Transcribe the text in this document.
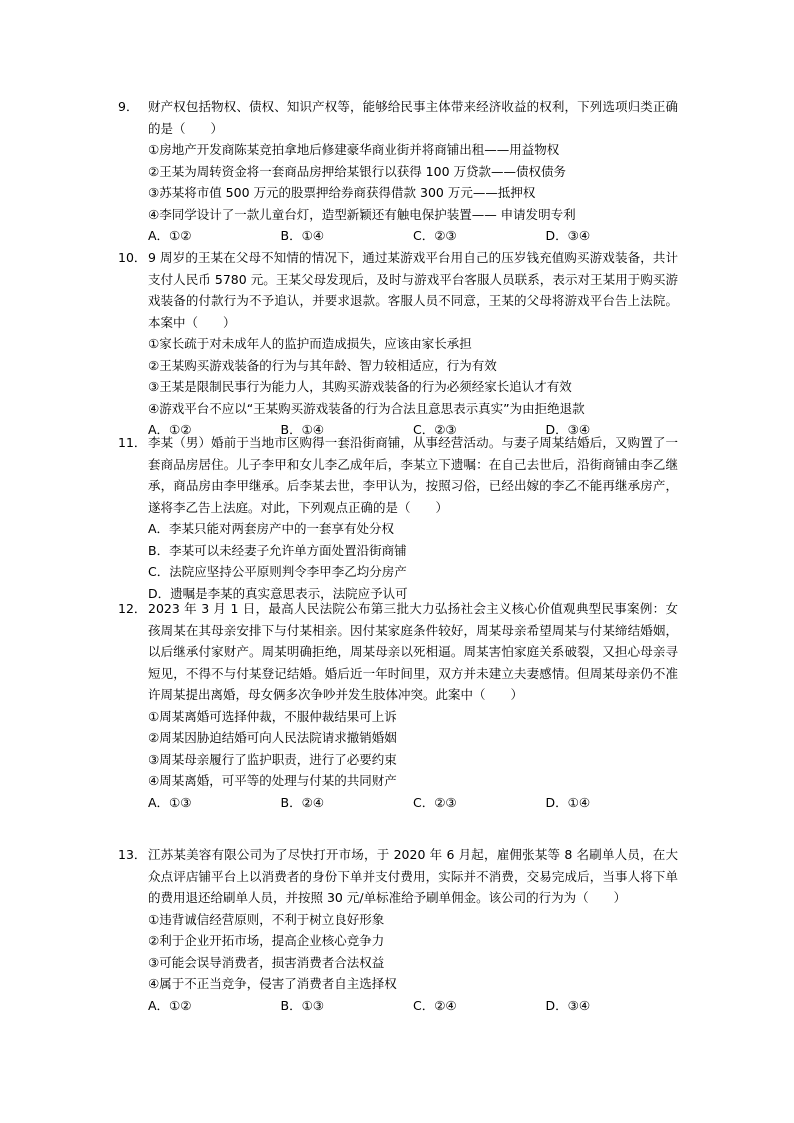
9． 财产权包括物权、债权、知识产权等，能够给民事主体带来经济收益的权利，下列选项归类正确的是（　　）
①房地产开发商陈某竞拍拿地后修建豪华商业街并将商铺出租——用益物权
②王某为周转资金将一套商品房押给某银行以获得 100 万贷款——债权债务
③苏某将市值 500 万元的股票押给券商获得借款 300 万元——抵押权
④李同学设计了一款儿童台灯，造型新颖还有触电保护装置—— 申请发明专利
A．①②	B．①④	C．②③	D．③④
10． 9 周岁的王某在父母不知情的情况下，通过某游戏平台用自己的压岁钱充值购买游戏装备，共计支付人民币 5780 元。王某父母发现后，及时与游戏平台客服人员联系，表示对王某用于购买游戏装备的付款行为不予追认，并要求退款。客服人员不同意，王某的父母将游戏平台告上法院。本案中（　　）
①家长疏于对未成年人的监护而造成损失，应该由家长承担
②王某购买游戏装备的行为与其年龄、智力较相适应，行为有效
③王某是限制民事行为能力人，其购买游戏装备的行为必须经家长追认才有效
④游戏平台不应以“王某购买游戏装备的行为合法且意思表示真实”为由拒绝退款
A．①②	B．①④	C．②③	D．③④
11． 李某（男）婚前于当地市区购得一套沿街商铺，从事经营活动。与妻子周某结婚后，又购置了一套商品房居住。儿子李甲和女儿李乙成年后，李某立下遗嘱：在自己去世后，沿街商铺由李乙继承，商品房由李甲继承。后李某去世，李甲认为，按照习俗，已经出嫁的李乙不能再继承房产，遂将李乙告上法庭。对此，下列观点正确的是（　　）
A．李某只能对两套房产中的一套享有处分权
B．李某可以未经妻子允许单方面处置沿街商铺
C．法院应坚持公平原则判令李甲李乙均分房产
D．遗嘱是李某的真实意思表示，法院应予认可
12． 2023 年 3 月 1 日，最高人民法院公布第三批大力弘扬社会主义核心价值观典型民事案例：女孩周某在其母亲安排下与付某相亲。因付某家庭条件较好，周某母亲希望周某与付某缔结婚姻，以后继承付家财产。周某明确拒绝，周某母亲以死相逼。周某害怕家庭关系破裂，又担心母亲寻短见，不得不与付某登记结婚。婚后近一年时间里，双方并未建立夫妻感情。但周某母亲仍不准许周某提出离婚，母女俩多次争吵并发生肢体冲突。此案中（　　）
①周某离婚可选择仲裁，不服仲裁结果可上诉
②周某因胁迫结婚可向人民法院请求撤销婚姻
③周某母亲履行了监护职责，进行了必要约束
④周某离婚，可平等的处理与付某的共同财产
A．①③	B．②④	C．②③	D．①④
13． 江苏某美容有限公司为了尽快打开市场，于 2020 年 6 月起，雇佣张某等 8 名刷单人员，在大众点评店铺平台上以消费者的身份下单并支付费用，实际并不消费，交易完成后，当事人将下单的费用退还给刷单人员，并按照 30 元/单标准给予刷单佣金。该公司的行为为（　　）
①违背诚信经营原则，不利于树立良好形象
②利于企业开拓市场，提高企业核心竞争力
③可能会误导消费者，损害消费者合法权益
④属于不正当竞争，侵害了消费者自主选择权
A．①②	B．①③	C．②④	D．③④
